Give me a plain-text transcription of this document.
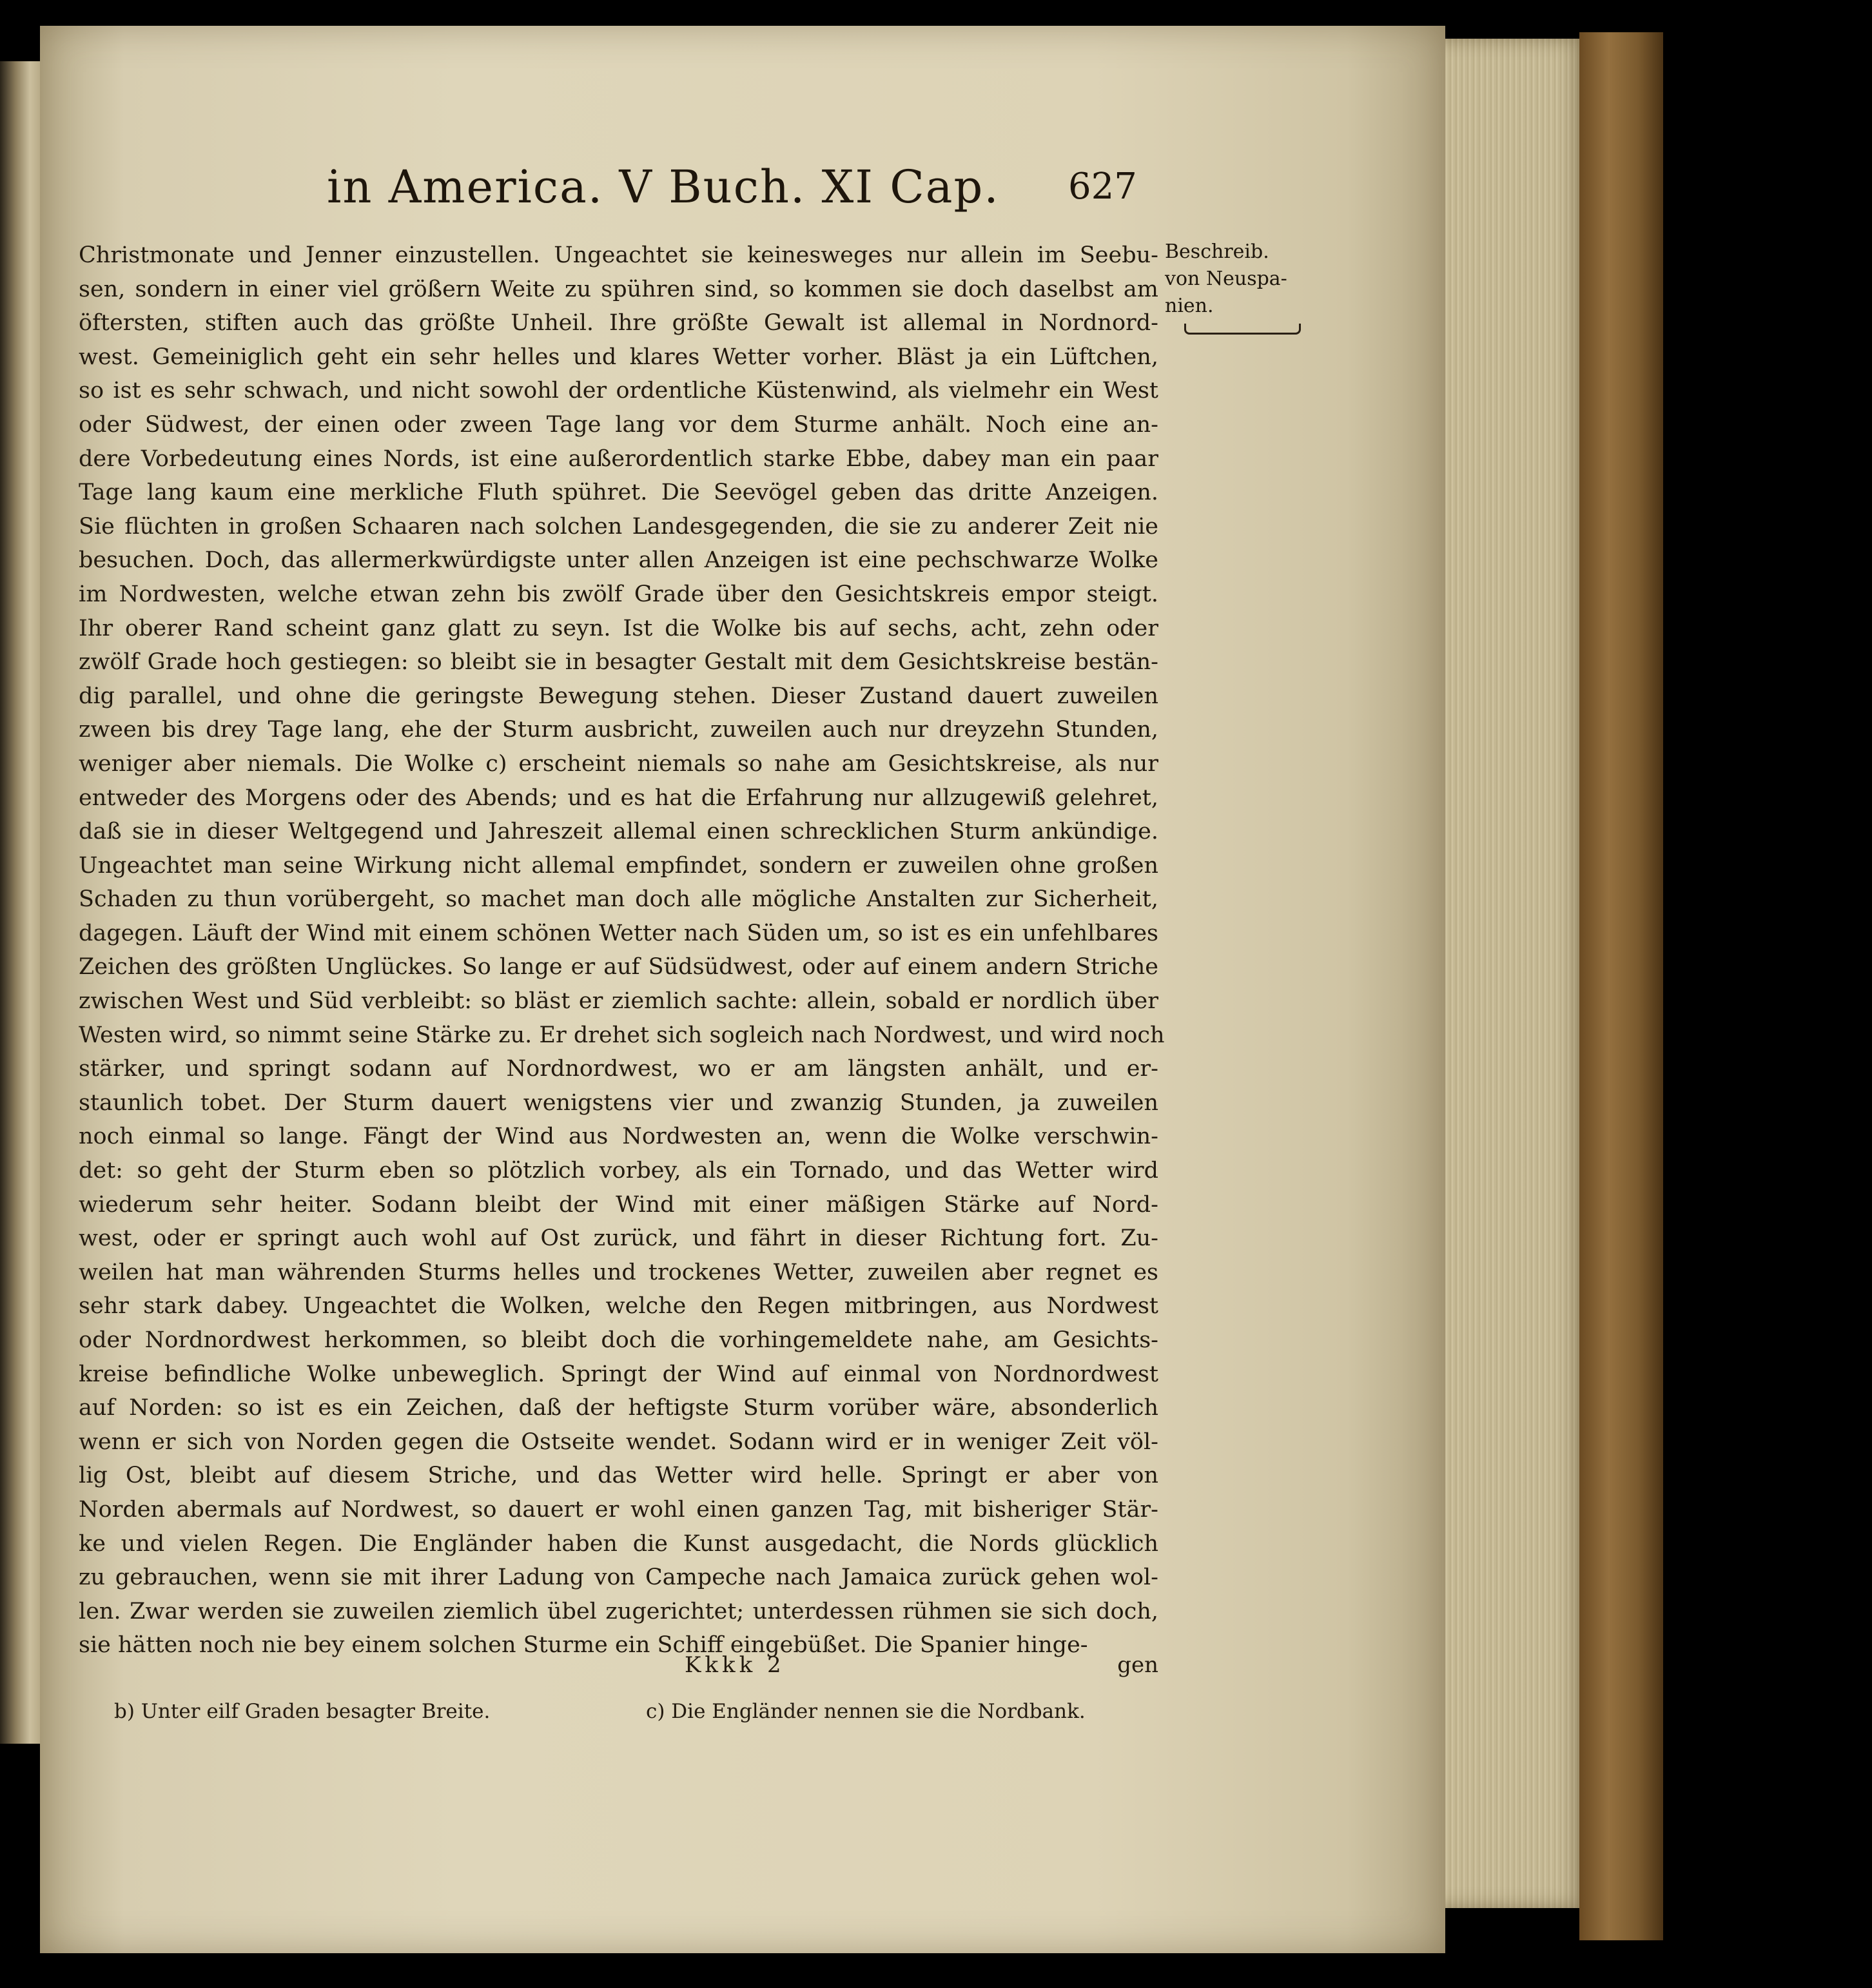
in America. V Buch. XI Cap.	627
Christmonate und Jenner einzustellen. Ungeachtet sie keinesweges nur allein im Seebu-
sen, sondern in einer viel größern Weite zu spühren sind, so kommen sie doch daselbst am
öftersten, stiften auch das größte Unheil. Ihre größte Gewalt ist allemal in Nordnord-
west. Gemeiniglich geht ein sehr helles und klares Wetter vorher. Bläst ja ein Lüftchen,
so ist es sehr schwach, und nicht sowohl der ordentliche Küstenwind, als vielmehr ein West
oder Südwest, der einen oder zween Tage lang vor dem Sturme anhält. Noch eine an-
dere Vorbedeutung eines Nords, ist eine außerordentlich starke Ebbe, dabey man ein paar
Tage lang kaum eine merkliche Fluth spühret. Die Seevögel geben das dritte Anzeigen.
Sie flüchten in großen Schaaren nach solchen Landesgegenden, die sie zu anderer Zeit nie
besuchen. Doch, das allermerkwürdigste unter allen Anzeigen ist eine pechschwarze Wolke
im Nordwesten, welche etwan zehn bis zwölf Grade über den Gesichtskreis empor steigt.
Ihr oberer Rand scheint ganz glatt zu seyn. Ist die Wolke bis auf sechs, acht, zehn oder
zwölf Grade hoch gestiegen: so bleibt sie in besagter Gestalt mit dem Gesichtskreise bestän-
dig parallel, und ohne die geringste Bewegung stehen. Dieser Zustand dauert zuweilen
zween bis drey Tage lang, ehe der Sturm ausbricht, zuweilen auch nur dreyzehn Stunden,
weniger aber niemals. Die Wolke c) erscheint niemals so nahe am Gesichtskreise, als nur
entweder des Morgens oder des Abends; und es hat die Erfahrung nur allzugewiß gelehret,
daß sie in dieser Weltgegend und Jahreszeit allemal einen schrecklichen Sturm ankündige.
Ungeachtet man seine Wirkung nicht allemal empfindet, sondern er zuweilen ohne großen
Schaden zu thun vorübergeht, so machet man doch alle mögliche Anstalten zur Sicherheit,
dagegen. Läuft der Wind mit einem schönen Wetter nach Süden um, so ist es ein unfehlbares
Zeichen des größten Unglückes. So lange er auf Südsüdwest, oder auf einem andern Striche
zwischen West und Süd verbleibt: so bläst er ziemlich sachte: allein, sobald er nordlich über
Westen wird, so nimmt seine Stärke zu. Er drehet sich sogleich nach Nordwest, und wird noch
stärker, und springt sodann auf Nordnordwest, wo er am längsten anhält, und er-
staunlich tobet. Der Sturm dauert wenigstens vier und zwanzig Stunden, ja zuweilen
noch einmal so lange. Fängt der Wind aus Nordwesten an, wenn die Wolke verschwin-
det: so geht der Sturm eben so plötzlich vorbey, als ein Tornado, und das Wetter wird
wiederum sehr heiter. Sodann bleibt der Wind mit einer mäßigen Stärke auf Nord-
west, oder er springt auch wohl auf Ost zurück, und fährt in dieser Richtung fort. Zu-
weilen hat man währenden Sturms helles und trockenes Wetter, zuweilen aber regnet es
sehr stark dabey. Ungeachtet die Wolken, welche den Regen mitbringen, aus Nordwest
oder Nordnordwest herkommen, so bleibt doch die vorhingemeldete nahe, am Gesichts-
kreise befindliche Wolke unbeweglich. Springt der Wind auf einmal von Nordnordwest
auf Norden: so ist es ein Zeichen, daß der heftigste Sturm vorüber wäre, absonderlich
wenn er sich von Norden gegen die Ostseite wendet. Sodann wird er in weniger Zeit völ-
lig Ost, bleibt auf diesem Striche, und das Wetter wird helle. Springt er aber von
Norden abermals auf Nordwest, so dauert er wohl einen ganzen Tag, mit bisheriger Stär-
ke und vielen Regen. Die Engländer haben die Kunst ausgedacht, die Nords glücklich
zu gebrauchen, wenn sie mit ihrer Ladung von Campeche nach Jamaica zurück gehen wol-
len. Zwar werden sie zuweilen ziemlich übel zugerichtet; unterdessen rühmen sie sich doch,
sie hätten noch nie bey einem solchen Sturme ein Schiff eingebüßet. Die Spanier hinge-
Beschreib.
von Neuspa-
nien.
Kkkk 2	gen
b) Unter eilf Graden besagter Breite.	c) Die Engländer nennen sie die Nordbank.
